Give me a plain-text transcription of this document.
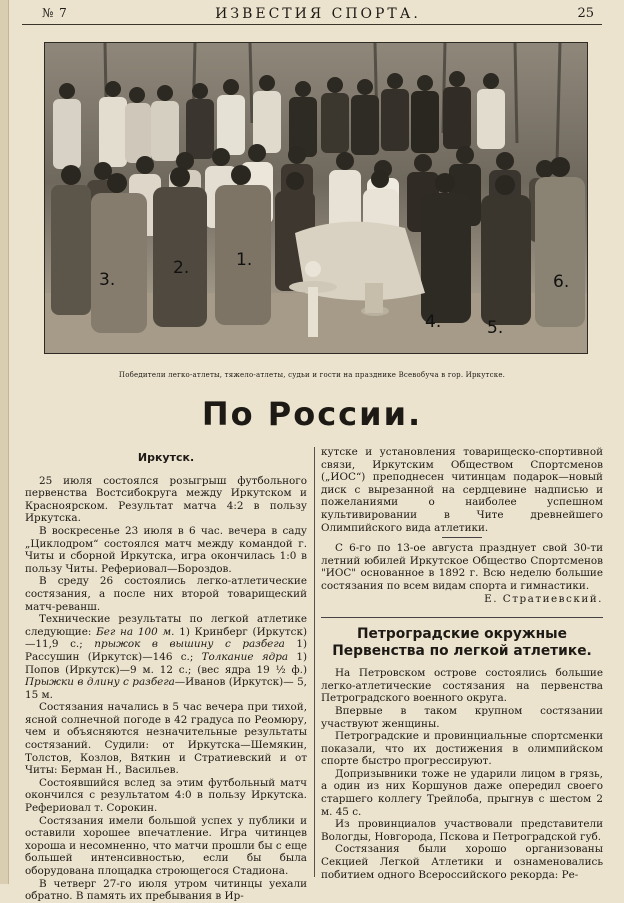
№ 7	ИЗВЕСТИЯ СПОРТА.	25
3.
2.	1.
4.	5.
6.
Победители легко-атлеты, тяжело-атлеты, судьи и гости на празднике Всевобуча в гор. Иркутске.
По России.
Иркутск.

25 июля состоялся розыгрыш футбольного первенства Востсибокруга между Иркутском и Красноярском. Результат матча 4:2 в пользу Иркутска.

В воскресенье 23 июля в 6 час. вечера в саду „Циклодром“ состоялся матч между командой г. Читы и сборной Иркутска, игра окончилась 1:0 в пользу Читы. Рефериовал—Бороздов.

В среду 26 состоялись легко-атлетические состязания, а после них второй товарищеский матч-реванш.

Технические результаты по легкой атлетике следующие: Бег на 100 м. 1) Кринберг (Иркутск) —11,9 с.; прыжок в вышину с разбега 1) Рассушин (Иркутск)—146 с.; Толкание ядра 1) Попов (Иркутск)—9 м. 12 с.; (вес ядра 19 ½ ф.) Прыжки в длину с разбега—Иванов (Иркутск)— 5, 15 м.

Состязания начались в 5 час вечера при тихой, ясной солнечной погоде в 42 градуса по Реомюру, чем и объясняются незначительные результаты состязаний. Судили: от Иркутска—Шемякин, Толстов, Козлов, Вяткин и Стратиевский и от Читы: Берман Н., Васильев.

Состоявшийся вслед за этим футбольный матч окончился с результатом 4:0 в пользу Иркутска. Рефериовал т. Сорокин.

Состязания имели большой успех у публики и оставили хорошее впечатление. Игра читинцев хороша и несомненно, что матчи прошли бы с еще большей интенсивностью, если бы была оборудована площадка строющегося Стадиона.

В четверг 27-го июля утром читинцы уехали обратно. В память их пребывания в Ир-

кутске и установления товарищеско-спортивной связи, Иркутским Обществом Спортсменов („ИОС“) преподнесен читинцам подарок—новый диск с вырезанной на сердцевине надписью и пожеланиями о наиболее успешном культивировании в Чите древнейшего Олимпийского вида атлетики.

С 6-го по 13-ое августа празднует свой 30-ти летний юбилей Иркутское Общество Спортсменов "ИОС" основанное в 1892 г. Всю неделю большие состязания по всем видам спорта и гимнастики.

Е. Стратиевский.

Петроградские окружные Первенства по легкой атлетике.

На Петровском острове состоялись большие легко-атлетические состязания на первенства Петроградского военного округа.

Впервые в таком крупном состязании участвуют женщины.

Петроградские и провинциальные спортсменки показали, что их достижения в олимпийском спорте быстро прогрессируют.

Допризывники тоже не ударили лицом в грязь, а один из них Коршунов даже опередил своего старшего коллегу Трейлоба, прыгнув с шестом 2 м. 45 с.

Из провинциалов участвовали представители Вологды, Новгорода, Пскова и Петроградской губ.

Состязания были хорошо организованы Секцией Легкой Атлетики и ознаменовались побитием одного Всероссийского рекорда: Ре-
